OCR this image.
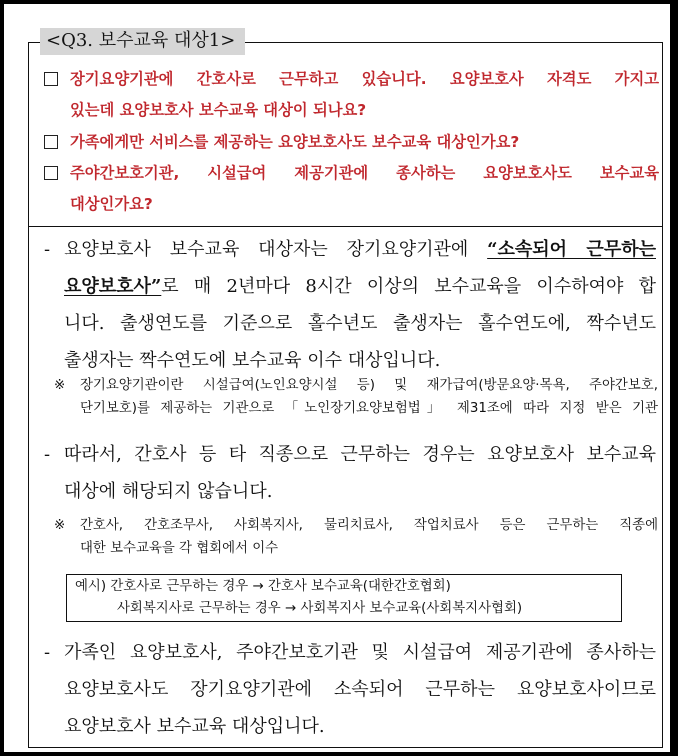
<Q3. 보수교육 대상1>
장기요양기관에 간호사로 근무하고 있습니다. 요양보호사 자격도 가지고
있는데 요양보호사 보수교육 대상이 되나요?
가족에게만 서비스를 제공하는 요양보호사도 보수교육 대상인가요?
주야간보호기관, 시설급여 제공기관에 종사하는 요양보호사도 보수교육
대상인가요?
- 요양보호사 보수교육 대상자는 장기요양기관에 “소속되어 근무하는
요양보호사”로 매 2년마다 8시간 이상의 보수교육을 이수하여야 합
니다. 출생연도를 기준으로 홀수년도 출생자는 홀수연도에, 짝수년도
출생자는 짝수연도에 보수교육 이수 대상입니다.
※ 장기요양기관이란 시설급여(노인요양시설 등) 및 재가급여(방문요양·목욕, 주야간보호,
단기보호)를 제공하는 기관으로 「노인장기요양보험법」 제31조에 따라 지정 받은 기관
- 따라서, 간호사 등 타 직종으로 근무하는 경우는 요양보호사 보수교육
대상에 해당되지 않습니다.
※ 간호사, 간호조무사, 사회복지사, 물리치료사, 작업치료사 등은 근무하는 직종에
대한 보수교육을 각 협회에서 이수
예시) 간호사로 근무하는 경우 → 간호사 보수교육(대한간호협회)
사회복지사로 근무하는 경우 → 사회복지사 보수교육(사회복지사협회)
- 가족인 요양보호사, 주야간보호기관 및 시설급여 제공기관에 종사하는
요양보호사도 장기요양기관에 소속되어 근무하는 요양보호사이므로
요양보호사 보수교육 대상입니다.
